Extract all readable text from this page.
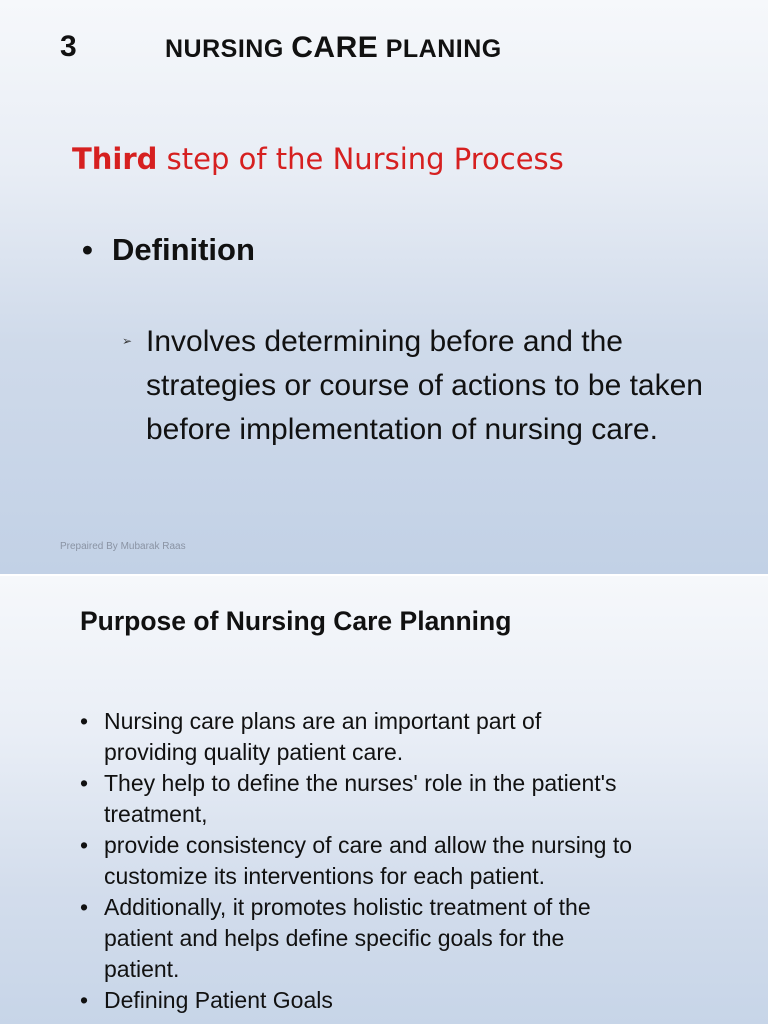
3	NURSING CARE PLANING
Third step of the Nursing Process
• Definition
➢ Involves determining before and the strategies or course of actions to be taken before implementation of nursing care.
Prepaired By Mubarak Raas
Purpose of Nursing Care Planning
• Nursing care plans are an important part of providing quality patient care.
• They help to define the nurses' role in the patient's treatment,
• provide consistency of care and allow the nursing to customize its interventions for each patient.
• Additionally, it promotes holistic treatment of the patient and helps define specific goals for the patient.
• Defining Patient Goals
